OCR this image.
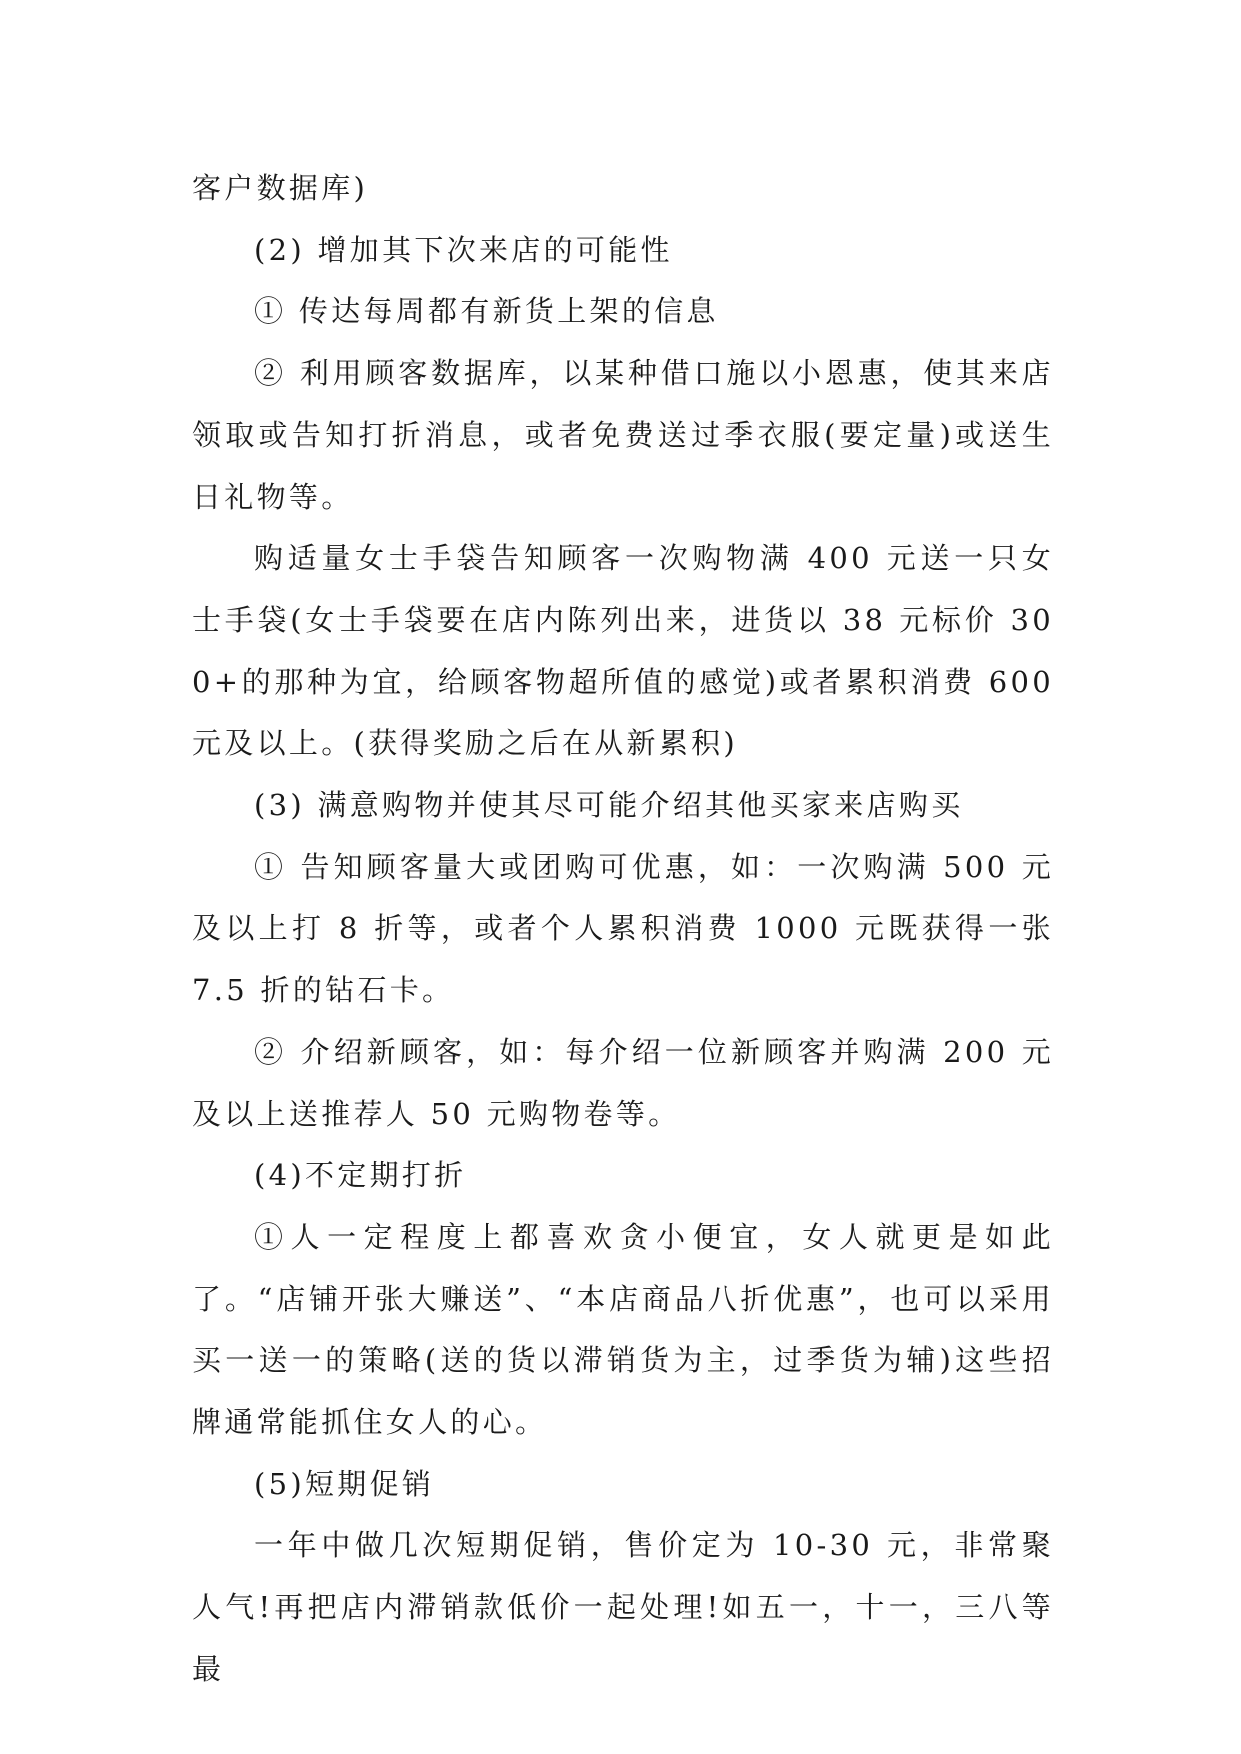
客户数据库)

(2) 增加其下次来店的可能性

① 传达每周都有新货上架的信息

② 利用顾客数据库，以某种借口施以小恩惠，使其来店领取或告知打折消息，或者免费送过季衣服(要定量)或送生日礼物等。

购适量女士手袋告知顾客一次购物满 400 元送一只女士手袋(女士手袋要在店内陈列出来，进货以 38 元标价 300+的那种为宜，给顾客物超所值的感觉)或者累积消费 600 元及以上。(获得奖励之后在从新累积)

(3) 满意购物并使其尽可能介绍其他买家来店购买

① 告知顾客量大或团购可优惠，如：一次购满 500 元及以上打 8 折等，或者个人累积消费 1000 元既获得一张 7.5 折的钻石卡。

② 介绍新顾客，如：每介绍一位新顾客并购满 200 元及以上送推荐人 50 元购物卷等。

(4)不定期打折

①人一定程度上都喜欢贪小便宜，女人就更是如此了。“店铺开张大赚送”、“本店商品八折优惠”，也可以采用买一送一的策略(送的货以滞销货为主，过季货为辅)这些招牌通常能抓住女人的心。

(5)短期促销

一年中做几次短期促销，售价定为 10-30 元，非常聚人气!再把店内滞销款低价一起处理!如五一，十一，三八等最
